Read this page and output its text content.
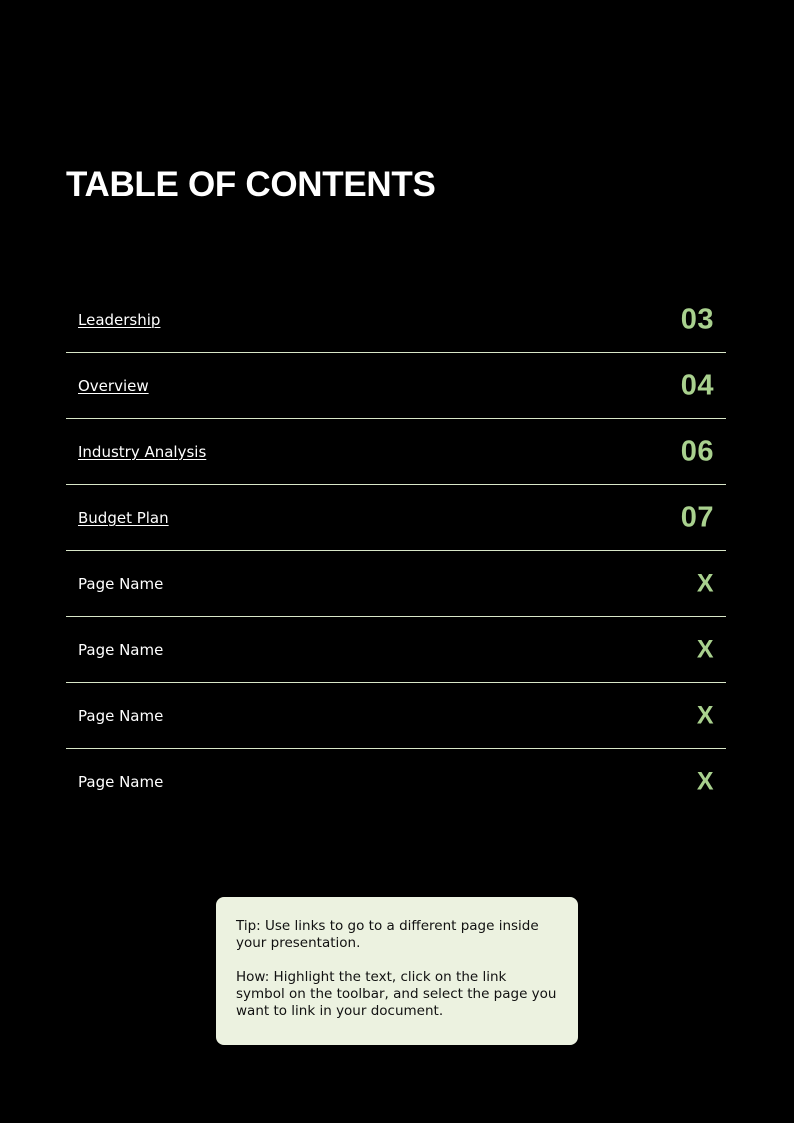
TABLE OF CONTENTS
Leadership	03
Overview	04
Industry Analysis	06
Budget Plan	07
Page Name	X
Page Name	X
Page Name	X
Page Name	X

Tip: Use links to go to a different page inside your presentation.

How: Highlight the text, click on the link symbol on the toolbar, and select the page you want to link in your document.
